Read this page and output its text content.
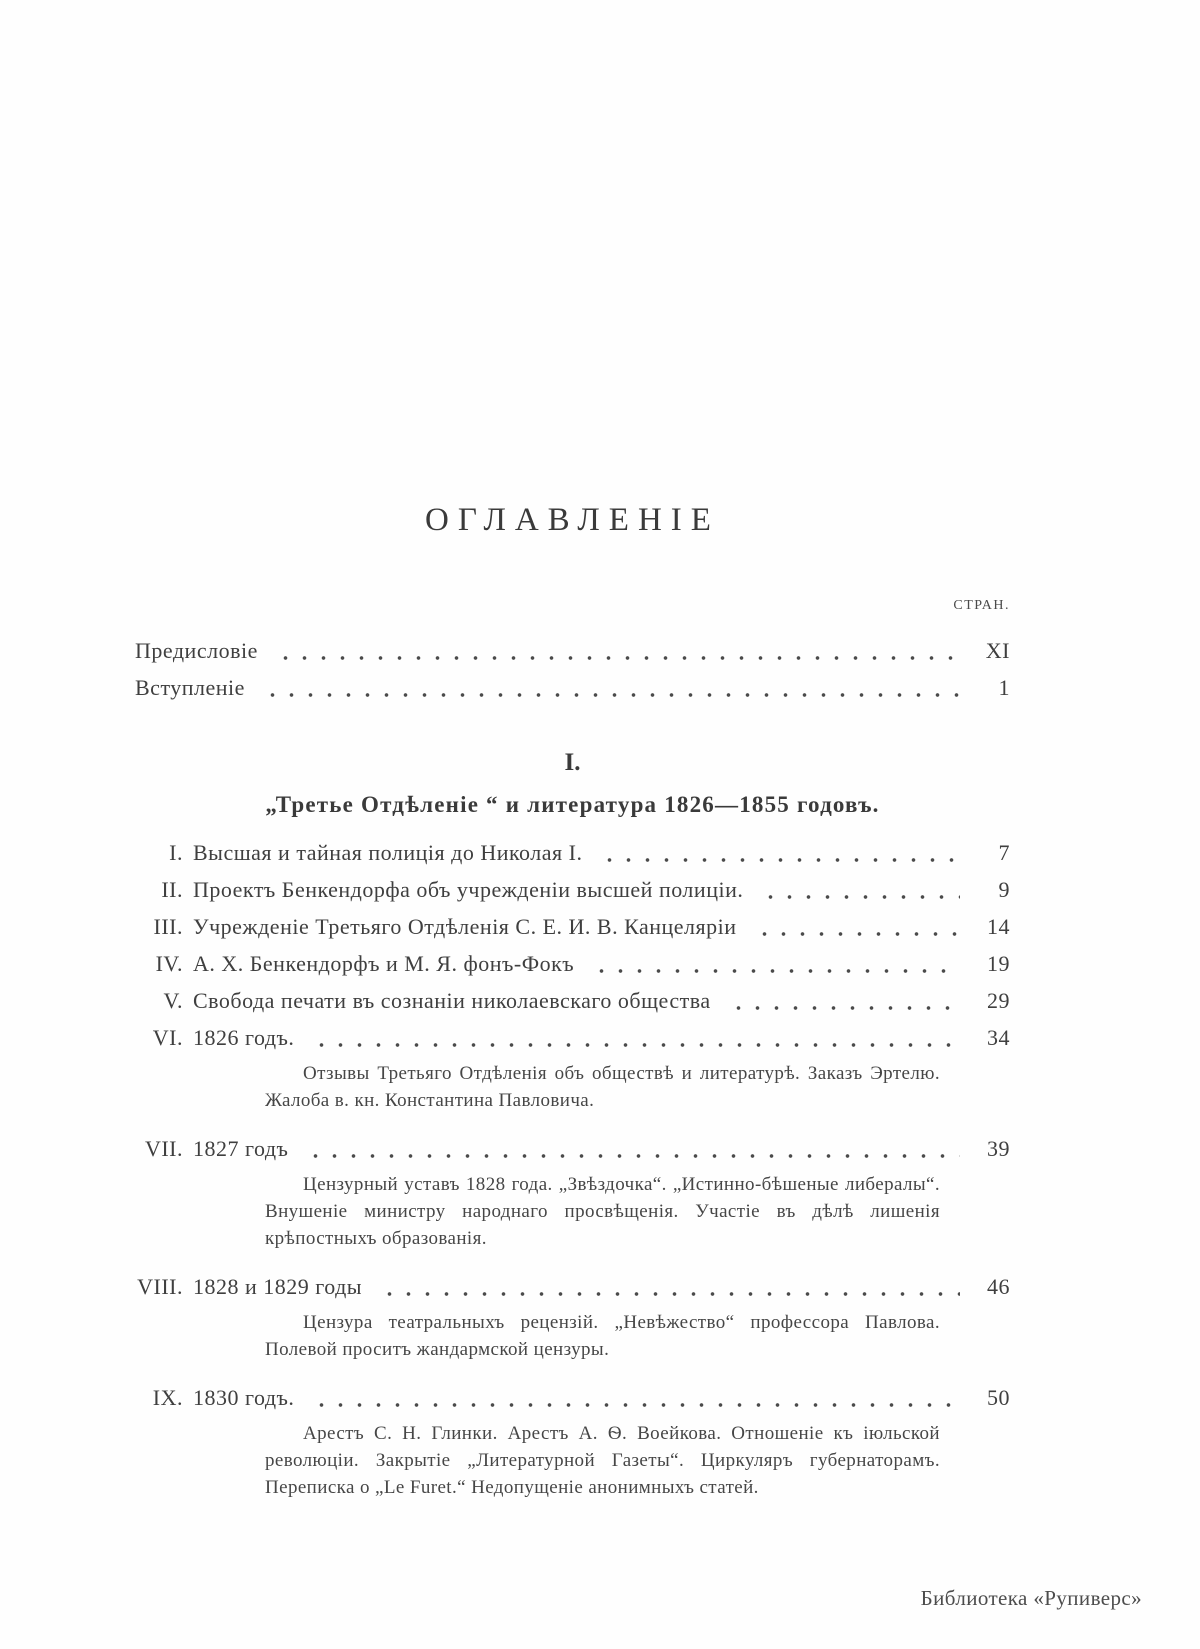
ОГЛАВЛЕНІЕ
СТРАН.
Предисловіе	XI
Вступленіе	1
I.
„Третье Отдѣленіе “ и литература 1826—1855 годовъ.
I. Высшая и тайная полиція до Николая I.	7
II. Проектъ Бенкендорфа объ учрежденіи высшей полиціи.	9
III. Учрежденіе Третьяго Отдѣленія С. Е. И. В. Канцеляріи	14
IV. А. Х. Бенкендорфъ и М. Я. фонъ-Фокъ	19
V. Свобода печати въ сознаніи николаевскаго общества	29
VI. 1826 годъ.	34

Отзывы Третьяго Отдѣленія объ обществѣ и литературѣ. Заказъ Эртелю. Жалоба в. кн. Константина Павловича.

VII. 1827 годъ	39

Цензурный уставъ 1828 года. „Звѣздочка“. „Истинно-бѣшеные либералы“. Внушеніе министру народнаго просвѣщенія. Участіе въ дѣлѣ лишенія крѣпостныхъ образованія.

VIII. 1828 и 1829 годы	46

Цензура театральныхъ рецензій. „Невѣжество“ профессора Павлова. Полевой проситъ жандармской цензуры.

IX. 1830 годъ.	50

Арестъ С. Н. Глинки. Арестъ А. Ѳ. Воейкова. Отношеніе къ іюльской революціи. Закрытіе „Литературной Газеты“. Циркуляръ губернаторамъ. Переписка о „Le Furet.“ Недопущеніе анонимныхъ статей.

Библиотека «Рупиверс»
